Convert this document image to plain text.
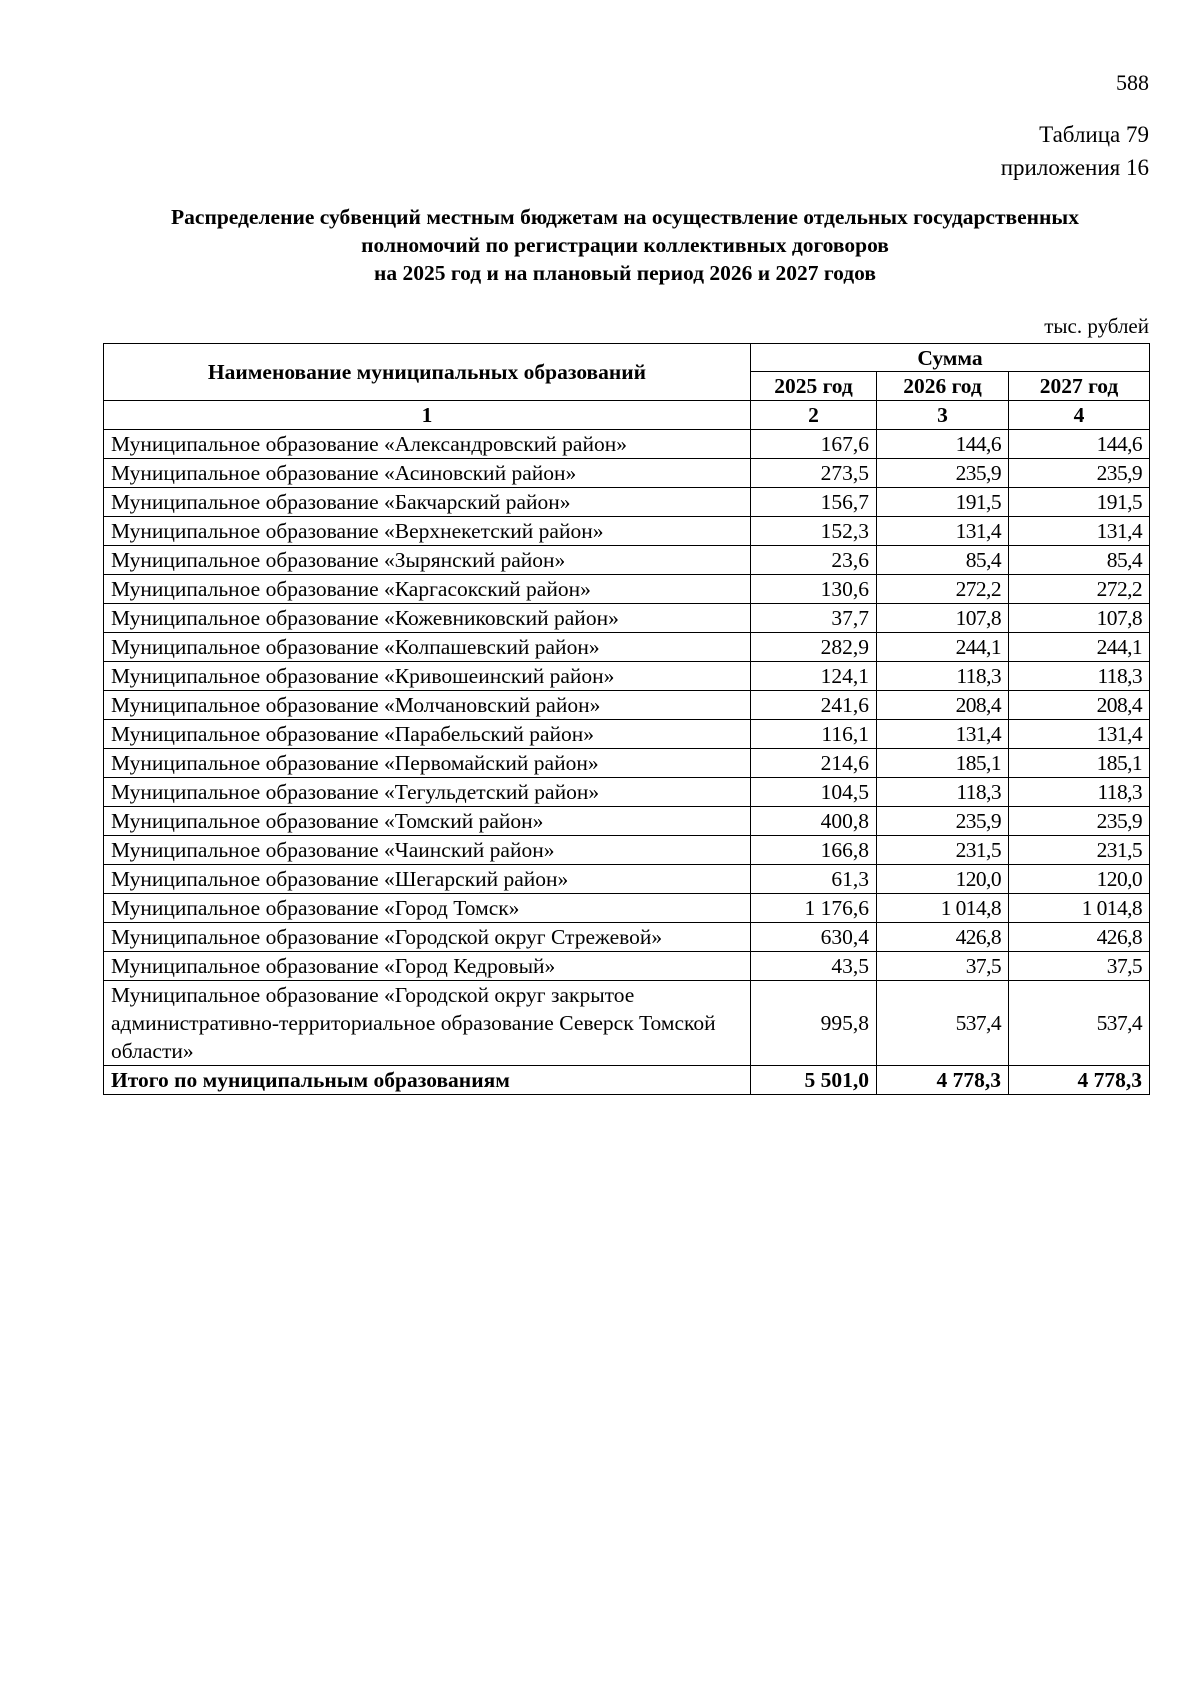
588
Таблица 79
приложения 16
Распределение субвенций местным бюджетам на осуществление отдельных государственных
полномочий по регистрации коллективных договоров
на 2025 год и на плановый период 2026 и 2027 годов
тыс. рублей
Наименование муниципальных образований	Сумма		
	2025 год	2026 год	2027 год
1	2	3	4
Муниципальное образование «Александровский район»	167,6	144,6	144,6
Муниципальное образование «Асиновский район»	273,5	235,9	235,9
Муниципальное образование «Бакчарский район»	156,7	191,5	191,5
Муниципальное образование «Верхнекетский район»	152,3	131,4	131,4
Муниципальное образование «Зырянский район»	23,6	85,4	85,4
Муниципальное образование «Каргасокский район»	130,6	272,2	272,2
Муниципальное образование «Кожевниковский район»	37,7	107,8	107,8
Муниципальное образование «Колпашевский район»	282,9	244,1	244,1
Муниципальное образование «Кривошеинский район»	124,1	118,3	118,3
Муниципальное образование «Молчановский район»	241,6	208,4	208,4
Муниципальное образование «Парабельский район»	116,1	131,4	131,4
Муниципальное образование «Первомайский район»	214,6	185,1	185,1
Муниципальное образование «Тегульдетский район»	104,5	118,3	118,3
Муниципальное образование «Томский район»	400,8	235,9	235,9
Муниципальное образование «Чаинский район»	166,8	231,5	231,5
Муниципальное образование «Шегарский район»	61,3	120,0	120,0
Муниципальное образование «Город Томск»	1 176,6	1 014,8	1 014,8
Муниципальное образование «Городской округ Стрежевой»	630,4	426,8	426,8
Муниципальное образование «Город Кедровый»	43,5	37,5	37,5
Муниципальное образование «Городской округ закрытое административно-территориальное образование Северск Томской области»	995,8	537,4	537,4
Итого по муниципальным образованиям	5 501,0	4 778,3	4 778,3
